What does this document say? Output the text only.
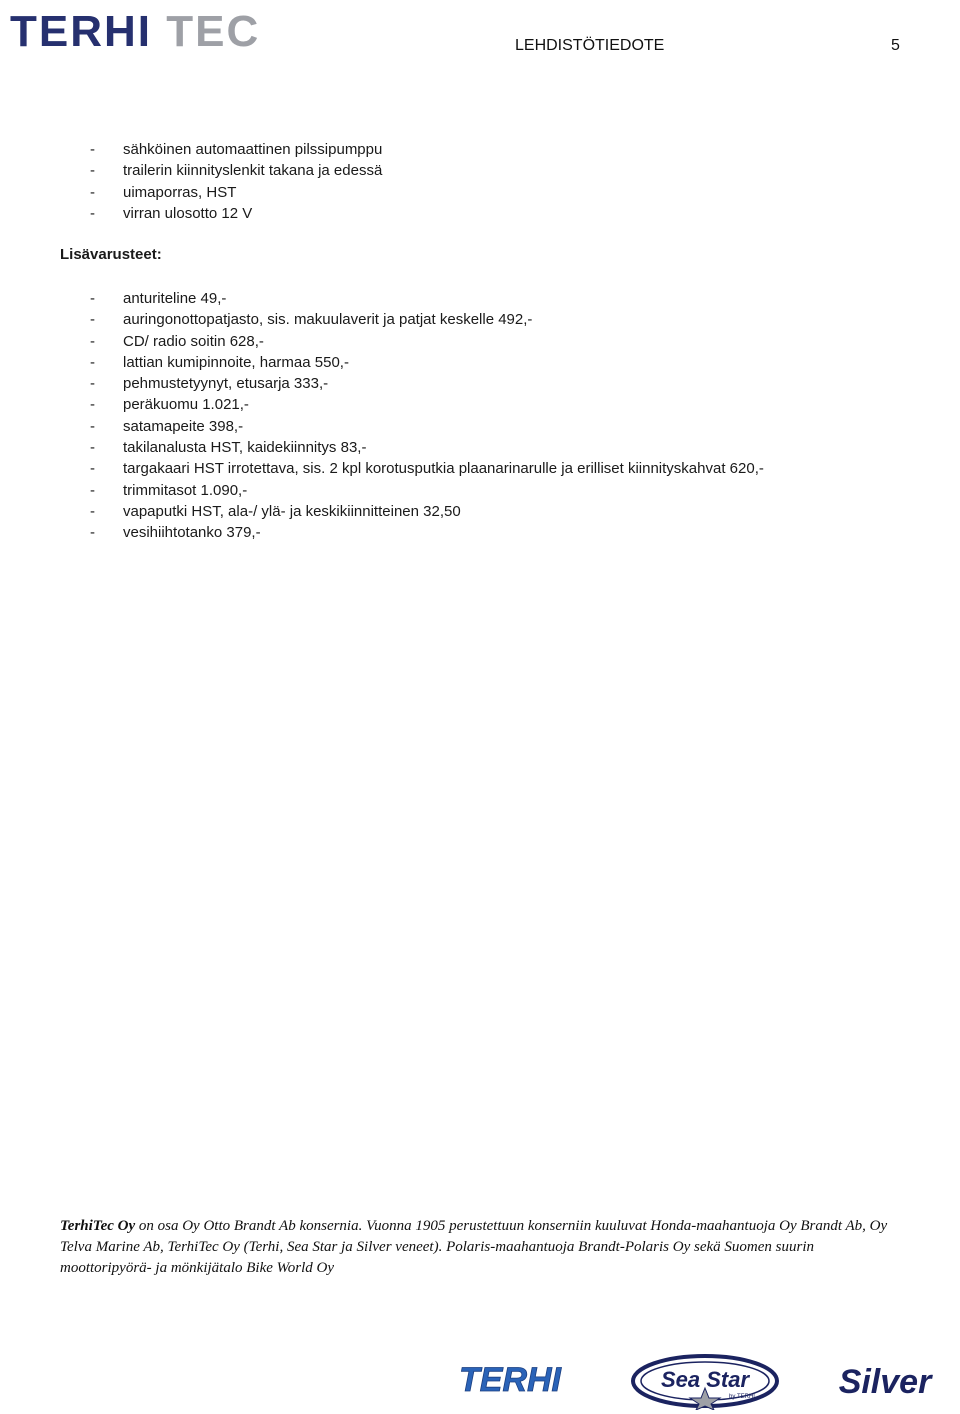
TERHI TEC	LEHDISTÖTIEDOTE	5
- sähköinen automaattinen pilssipumppu
- trailerin kiinnityslenkit takana ja edessä
- uimaporras, HST
- virran ulosotto 12 V
Lisävarusteet:
- anturiteline 49,-
- auringonottopatjasto, sis. makuulaverit ja patjat keskelle 492,-
- CD/ radio soitin 628,-
- lattian kumipinnoite, harmaa 550,-
- pehmustetyynyt, etusarja 333,-
- peräkuomu 1.021,-
- satamapeite 398,-
- takilanalusta HST, kaidekiinnitys 83,-
- targakaari HST irrotettava, sis. 2 kpl korotusputkia plaanarinarulle ja erilliset kiinnityskahvat 620,-
- trimmitasot 1.090,-
- vapaputki HST, ala-/ ylä- ja keskikiinnitteinen 32,50
- vesihiihtotanko 379,-
TerhiTec Oy on osa Oy Otto Brandt Ab konsernia. Vuonna 1905 perustettuun konserniin kuuluvat Honda-maahantuoja Oy Brandt Ab, Oy Telva Marine Ab, TerhiTec Oy (Terhi, Sea Star ja Silver veneet). Polaris-maahantuoja Brandt-Polaris Oy sekä Suomen suurin moottoripyörä- ja mönkijätalo Bike World Oy
TERHI	Sea Star
by TERHI Silver
